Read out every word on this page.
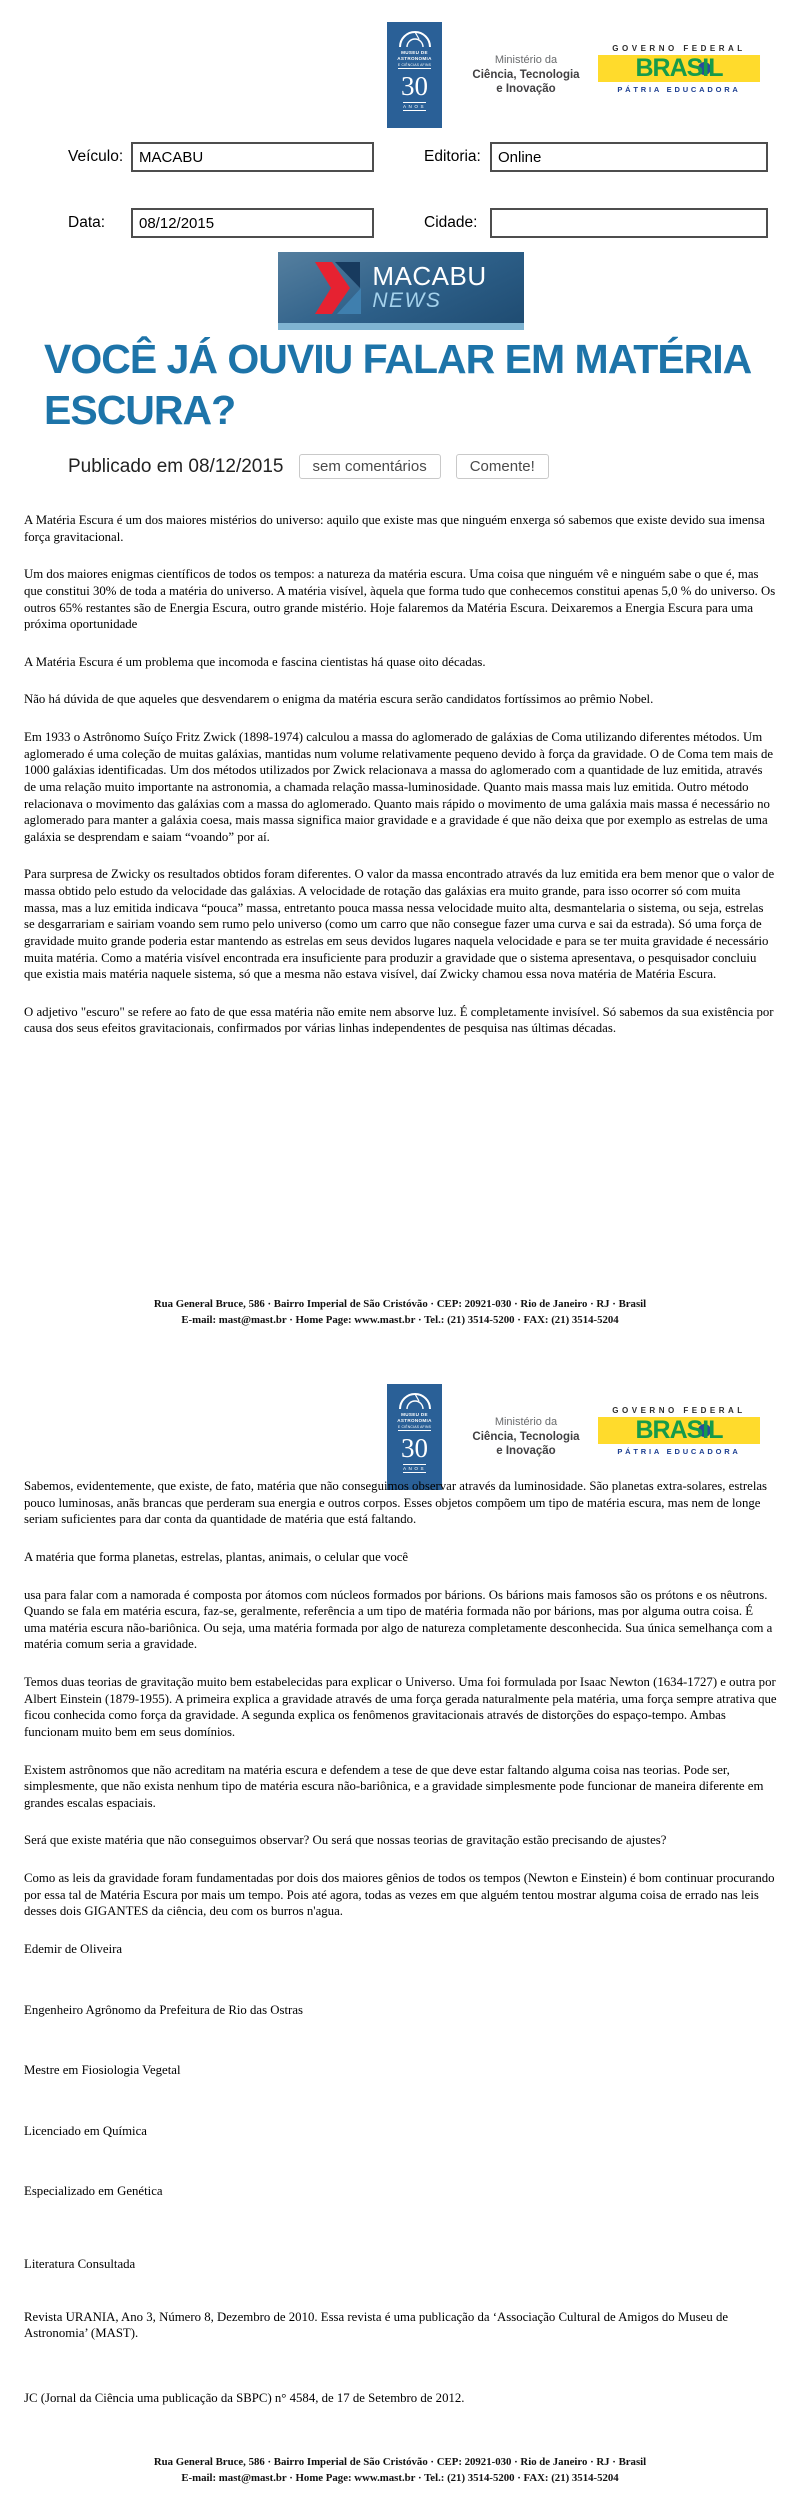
MUSEU DE ASTRONOMIA
E CIÊNCIAS AFINS
30
ANOS
Ministério da
Ciência, Tecnologia
e Inovação
GOVERNO FEDERAL
BRASIL
PÁTRIA EDUCADORA
Veículo:
MACABU	Editoria:
Online
Data:
08/12/2015	Cidade:
MACABU
NEWS
VOCÊ JÁ OUVIU FALAR EM MATÉRIA ESCURA?
Publicado em 08/12/2015	sem comentários	Comente!

A Matéria Escura é um dos maiores mistérios do universo: aquilo que existe mas que ninguém enxerga só sabemos que existe devido sua imensa força gravitacional.

Um dos maiores enigmas científicos de todos os tempos: a natureza da matéria escura. Uma coisa que ninguém vê e ninguém sabe o que é, mas que constitui 30% de toda a matéria do universo. A matéria visível, àquela que forma tudo que conhecemos constitui apenas 5,0 % do universo. Os outros 65% restantes são de Energia Escura, outro grande mistério. Hoje falaremos da Matéria Escura. Deixaremos a Energia Escura para uma próxima oportunidade

A Matéria Escura é um problema que incomoda e fascina cientistas há quase oito décadas.

Não há dúvida de que aqueles que desvendarem o enigma da matéria escura serão candidatos fortíssimos ao prêmio Nobel.

Em 1933 o Astrônomo Suíço Fritz Zwick (1898-1974) calculou a massa do aglomerado de galáxias de Coma utilizando diferentes métodos. Um aglomerado é uma coleção de muitas galáxias, mantidas num volume relativamente pequeno devido à força da gravidade. O de Coma tem mais de 1000 galáxias identificadas. Um dos métodos utilizados por Zwick relacionava a massa do aglomerado com a quantidade de luz emitida, através de uma relação muito importante na astronomia, a chamada relação massa-luminosidade. Quanto mais massa mais luz emitida. Outro método relacionava o movimento das galáxias com a massa do aglomerado. Quanto mais rápido o movimento de uma galáxia mais massa é necessário no aglomerado para manter a galáxia coesa, mais massa significa maior gravidade e a gravidade é que não deixa que por exemplo as estrelas de uma galáxia se desprendam e saiam “voando” por aí.

Para surpresa de Zwicky os resultados obtidos foram diferentes. O valor da massa encontrado através da luz emitida era bem menor que o valor de massa obtido pelo estudo da velocidade das galáxias. A velocidade de rotação das galáxias era muito grande, para isso ocorrer só com muita massa, mas a luz emitida indicava “pouca” massa, entretanto pouca massa nessa velocidade muito alta, desmantelaria o sistema, ou seja, estrelas se desgarrariam e sairiam voando sem rumo pelo universo (como um carro que não consegue fazer uma curva e sai da estrada). Só uma força de gravidade muito grande poderia estar mantendo as estrelas em seus devidos lugares naquela velocidade e para se ter muita gravidade é necessário muita matéria. Como a matéria visível encontrada era insuficiente para produzir a gravidade que o sistema apresentava, o pesquisador concluiu que existia mais matéria naquele sistema, só que a mesma não estava visível, daí Zwicky chamou essa nova matéria de Matéria Escura.

O adjetivo "escuro" se refere ao fato de que essa matéria não emite nem absorve luz. É completamente invisível. Só sabemos da sua existência por causa dos seus efeitos gravitacionais, confirmados por várias linhas independentes de pesquisa nas últimas décadas.

Rua General Bruce, 586 · Bairro Imperial de São Cristóvão · CEP: 20921-030 · Rio de Janeiro · RJ · Brasil
E-mail: mast@mast.br · Home Page: www.mast.br · Tel.: (21) 3514-5200 · FAX: (21) 3514-5204
MUSEU DE ASTRONOMIA
E CIÊNCIAS AFINS
30
ANOS
Ministério da
Ciência, Tecnologia
e Inovação
GOVERNO FEDERAL
BRASIL
PÁTRIA EDUCADORA

Sabemos, evidentemente, que existe, de fato, matéria que não conseguimos observar através da luminosidade. São planetas extra-solares, estrelas pouco luminosas, anãs brancas que perderam sua energia e outros corpos. Esses objetos compõem um tipo de matéria escura, mas nem de longe seriam suficientes para dar conta da quantidade de matéria que está faltando.

A matéria que forma planetas, estrelas, plantas, animais, o celular que você

usa para falar com a namorada é composta por átomos com núcleos formados por bárions. Os bárions mais famosos são os prótons e os nêutrons. Quando se fala em matéria escura, faz-se, geralmente, referência a um tipo de matéria formada não por bárions, mas por alguma outra coisa. É uma matéria escura não-bariônica. Ou seja, uma matéria formada por algo de natureza completamente desconhecida. Sua única semelhança com a matéria comum seria a gravidade.

Temos duas teorias de gravitação muito bem estabelecidas para explicar o Universo. Uma foi formulada por Isaac Newton (1634-1727) e outra por Albert Einstein (1879-1955). A primeira explica a gravidade através de uma força gerada naturalmente pela matéria, uma força sempre atrativa que ficou conhecida como força da gravidade. A segunda explica os fenômenos gravitacionais através de distorções do espaço-tempo. Ambas funcionam muito bem em seus domínios.

Existem astrônomos que não acreditam na matéria escura e defendem a tese de que deve estar faltando alguma coisa nas teorias. Pode ser, simplesmente, que não exista nenhum tipo de matéria escura não-bariônica, e a gravidade simplesmente pode funcionar de maneira diferente em grandes escalas espaciais.

Será que existe matéria que não conseguimos observar? Ou será que nossas teorias de gravitação estão precisando de ajustes?

Como as leis da gravidade foram fundamentadas por dois dos maiores gênios de todos os tempos (Newton e Einstein) é bom continuar procurando por essa tal de Matéria Escura por mais um tempo. Pois até agora, todas as vezes em que alguém tentou mostrar alguma coisa de errado nas leis desses dois GIGANTES da ciência, deu com os burros n'agua.

Edemir de Oliveira

Engenheiro Agrônomo da Prefeitura de Rio das Ostras

Mestre em Fiosiologia Vegetal

Licenciado em Química

Especializado em Genética

Literatura Consultada

Revista URANIA, Ano 3, Número 8, Dezembro de 2010. Essa revista é uma publicação da ‘Associação Cultural de Amigos do Museu de Astronomia’ (MAST).

JC (Jornal da Ciência uma publicação da SBPC) n° 4584, de 17 de Setembro de 2012.

Rua General Bruce, 586 · Bairro Imperial de São Cristóvão · CEP: 20921-030 · Rio de Janeiro · RJ · Brasil
E-mail: mast@mast.br · Home Page: www.mast.br · Tel.: (21) 3514-5200 · FAX: (21) 3514-5204
